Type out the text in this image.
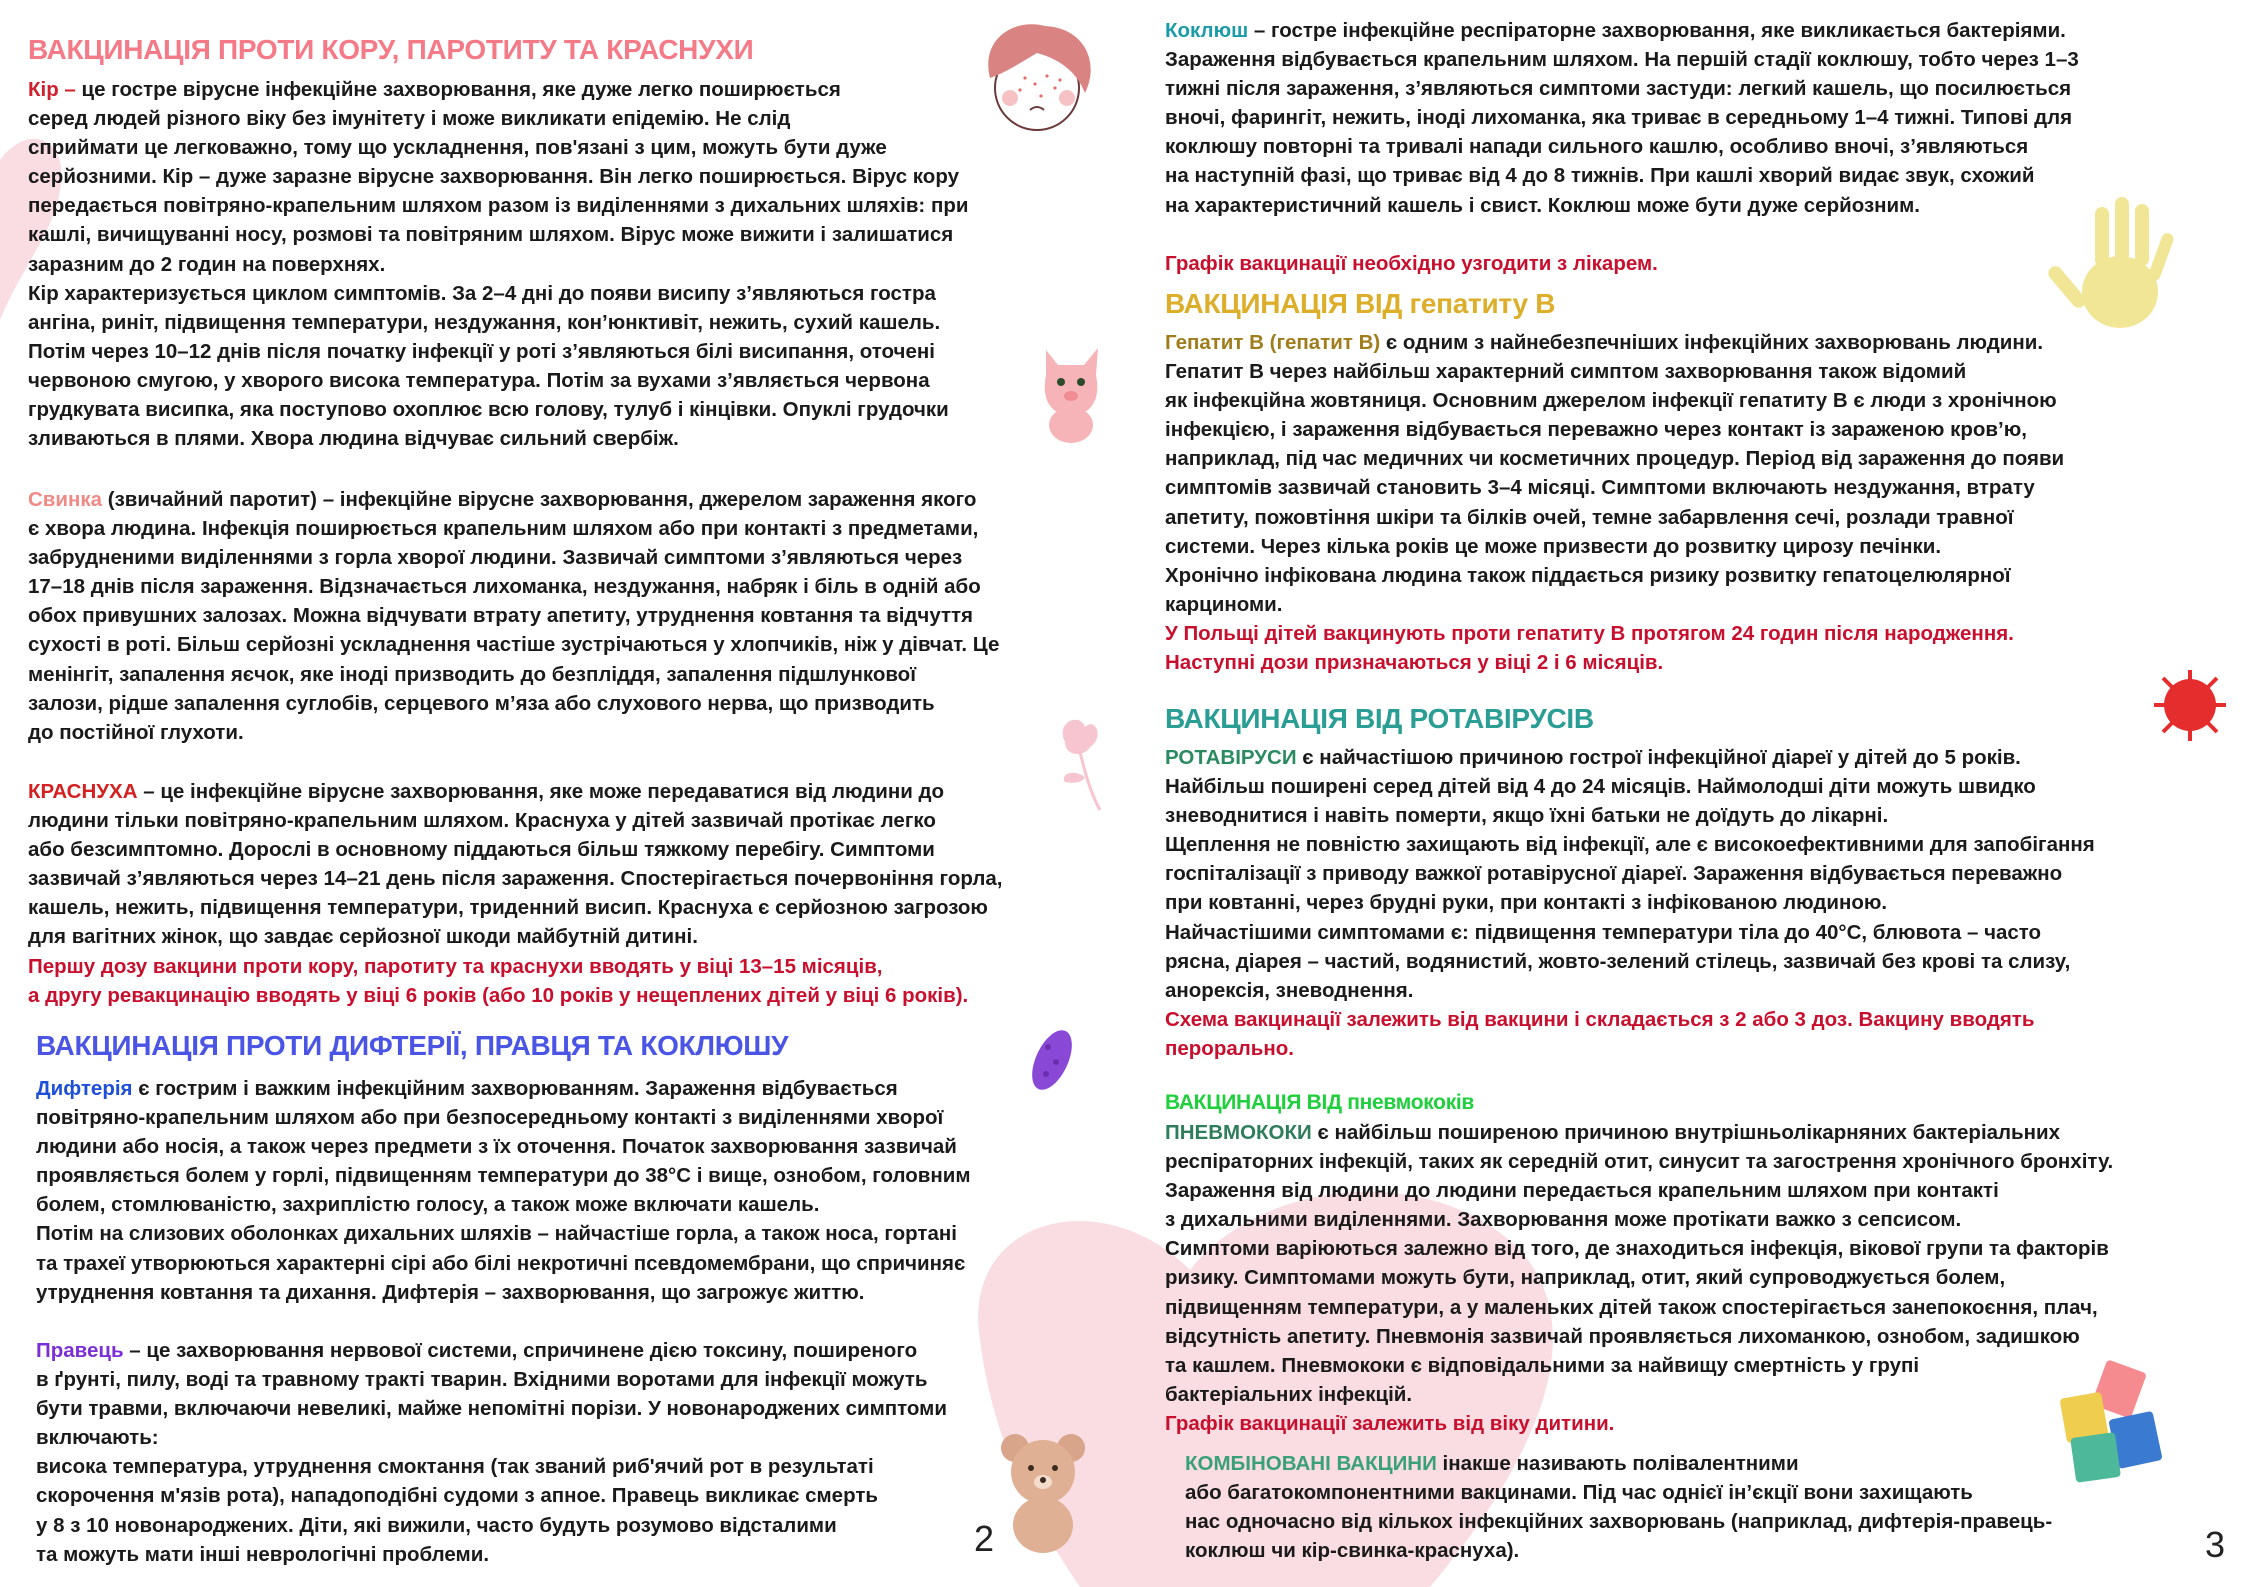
ВАКЦИНАЦІЯ ПРОТИ КОРУ, ПАРОТИТУ ТА КРАСНУХИ
ВАКЦИНАЦІЯ ПРОТИ ДИФТЕРІЇ, ПРАВЦЯ ТА КОКЛЮШУ
ВАКЦИНАЦІЯ ВІД гепатиту В
ВАКЦИНАЦІЯ ВІД РОТАВІРУСІВ
ВАКЦИНАЦІЯ ВІД пневмококів
Кір – це гостре вірусне інфекційне захворювання, яке дуже легко поширюється
серед людей різного віку без імунітету і може викликати епідемію. Не слід
сприймати це легковажно, тому що ускладнення, пов'язані з цим, можуть бути дуже
серйозними. Кір – дуже заразне вірусне захворювання. Він легко поширюється. Вірус кору
передається повітряно-крапельним шляхом разом із виділеннями з дихальних шляхів: при
кашлі, вичищуванні носу, розмові та повітряним шляхом. Вірус може вижити і залишатися
заразним до 2 годин на поверхнях.
Кір характеризується циклом симптомів. За 2–4 дні до появи висипу з’являються гостра
ангіна, риніт, підвищення температури, нездужання, кон’юнктивіт, нежить, сухий кашель.
Потім через 10–12 днів після початку інфекції у роті з’являються білі висипання, оточені
червоною смугою, у хворого висока температура. Потім за вухами з’являється червона
грудкувата висипка, яка поступово охоплює всю голову, тулуб і кінцівки. Опуклі грудочки
зливаються в плями. Хвора людина відчуває сильний свербіж.
Свинка (звичайний паротит) – інфекційне вірусне захворювання, джерелом зараження якого
є хвора людина. Інфекція поширюється крапельним шляхом або при контакті з предметами,
забрудненими виділеннями з горла хворої людини. Зазвичай симптоми з’являються через
17–18 днів після зараження. Відзначається лихоманка, нездужання, набряк і біль в одній або
обох привушних залозах. Можна відчувати втрату апетиту, утруднення ковтання та відчуття
сухості в роті. Більш серйозні ускладнення частіше зустрічаються у хлопчиків, ніж у дівчат. Це
менінгіт, запалення яєчок, яке іноді призводить до безпліддя, запалення підшлункової
залози, рідше запалення суглобів, серцевого м’яза або слухового нерва, що призводить
до постійної глухоти.
КРАСНУХА – це інфекційне вірусне захворювання, яке може передаватися від людини до
людини тільки повітряно-крапельним шляхом. Краснуха у дітей зазвичай протікає легко
або безсимптомно. Дорослі в основному піддаються більш тяжкому перебігу. Симптоми
зазвичай з’являються через 14–21 день після зараження. Спостерігається почервоніння горла,
кашель, нежить, підвищення температури, триденний висип. Краснуха є серйозною загрозою
для вагітних жінок, що завдає серйозної шкоди майбутній дитині.
Першу дозу вакцини проти кору, паротиту та краснухи вводять у віці 13–15 місяців,
а другу ревакцинацію вводять у віці 6 років (або 10 років у нещеплених дітей у віці 6 років).
Дифтерія є гострим і важким інфекційним захворюванням. Зараження відбувається
повітряно-крапельним шляхом або при безпосередньому контакті з виділеннями хворої
людини або носія, а також через предмети з їх оточення. Початок захворювання зазвичай
проявляється болем у горлі, підвищенням температури до 38°C і вище, ознобом, головним
болем, стомлюваністю, захриплістю голосу, а також може включати кашель.
Потім на слизових оболонках дихальних шляхів – найчастіше горла, а також носа, гортані
та трахеї утворюються характерні сірі або білі некротичні псевдомембрани, що спричиняє
утруднення ковтання та дихання. Дифтерія – захворювання, що загрожує життю.
Правець – це захворювання нервової системи, спричинене дією токсину, поширеного
в ґрунті, пилу, воді та травному тракті тварин. Вхідними воротами для інфекції можуть
бути травми, включаючи невеликі, майже непомітні порізи. У новонароджених симптоми
включають:
висока температура, утруднення смоктання (так званий риб'ячий рот в результаті
скорочення м'язів рота), нападоподібні судоми з апное. Правець викликає смерть
у 8 з 10 новонароджених. Діти, які вижили, часто будуть розумово відсталими
та можуть мати інші неврологічні проблеми.
Коклюш – гостре інфекційне респіраторне захворювання, яке викликається бактеріями.
Зараження відбувається крапельним шляхом. На першій стадії коклюшу, тобто через 1–3
тижні після зараження, з’являються симптоми застуди: легкий кашель, що посилюється
вночі, фарингіт, нежить, іноді лихоманка, яка триває в середньому 1–4 тижні. Типові для
коклюшу повторні та тривалі напади сильного кашлю, особливо вночі, з’являються
на наступній фазі, що триває від 4 до 8 тижнів. При кашлі хворий видає звук, схожий
на характеристичний кашель і свист. Коклюш може бути дуже серйозним.
Графік вакцинації необхідно узгодити з лікарем.
Гепатит В (гепатит В) є одним з найнебезпечніших інфекційних захворювань людини.
Гепатит В через найбільш характерний симптом захворювання також відомий
як інфекційна жовтяниця. Основним джерелом інфекції гепатиту В є люди з хронічною
інфекцією, і зараження відбувається переважно через контакт із зараженою кров’ю,
наприклад, під час медичних чи косметичних процедур. Період від зараження до появи
симптомів зазвичай становить 3–4 місяці. Симптоми включають нездужання, втрату
апетиту, пожовтіння шкіри та білків очей, темне забарвлення сечі, розлади травної
системи. Через кілька років це може призвести до розвитку цирозу печінки.
Хронічно інфікована людина також піддається ризику розвитку гепатоцелюлярної
карциноми.
У Польщі дітей вакцинують проти гепатиту В протягом 24 годин після народження.
Наступні дози призначаються у віці 2 і 6 місяців.
РОТАВІРУСИ є найчастішою причиною гострої інфекційної діареї у дітей до 5 років.
Найбільш поширені серед дітей від 4 до 24 місяців. Наймолодші діти можуть швидко
зневоднитися і навіть померти, якщо їхні батьки не доїдуть до лікарні.
Щеплення не повністю захищають від інфекції, але є високоефективними для запобігання
госпіталізації з приводу важкої ротавірусної діареї. Зараження відбувається переважно
при ковтанні, через брудні руки, при контакті з інфікованою людиною.
Найчастішими симптомами є: підвищення температури тіла до 40°C, блювота – часто
рясна, діарея – частий, водянистий, жовто-зелений стілець, зазвичай без крові та слизу,
анорексія, зневоднення.
Схема вакцинації залежить від вакцини і складається з 2 або 3 доз. Вакцину вводять
перорально.
ПНЕВМОКОКИ є найбільш поширеною причиною внутрішньолікарняних бактеріальних
респіраторних інфекцій, таких як середній отит, синусит та загострення хронічного бронхіту.
Зараження від людини до людини передається крапельним шляхом при контакті
з дихальними виділеннями. Захворювання може протікати важко з сепсисом.
Симптоми варіюються залежно від того, де знаходиться інфекція, вікової групи та факторів
ризику. Симптомами можуть бути, наприклад, отит, який супроводжується болем,
підвищенням температури, а у маленьких дітей також спостерігається занепокоєння, плач,
відсутність апетиту. Пневмонія зазвичай проявляється лихоманкою, ознобом, задишкою
та кашлем. Пневмококи є відповідальними за найвищу смертність у групі
бактеріальних інфекцій.
Графік вакцинації залежить від віку дитини.
КОМБІНОВАНІ ВАКЦИНИ інакше називають полівалентними
або багатокомпонентними вакцинами. Під час однієї ін’єкції вони захищають
нас одночасно від кількох інфекційних захворювань (наприклад, дифтерія-правець-
коклюш чи кір-свинка-краснуха).
2	3
